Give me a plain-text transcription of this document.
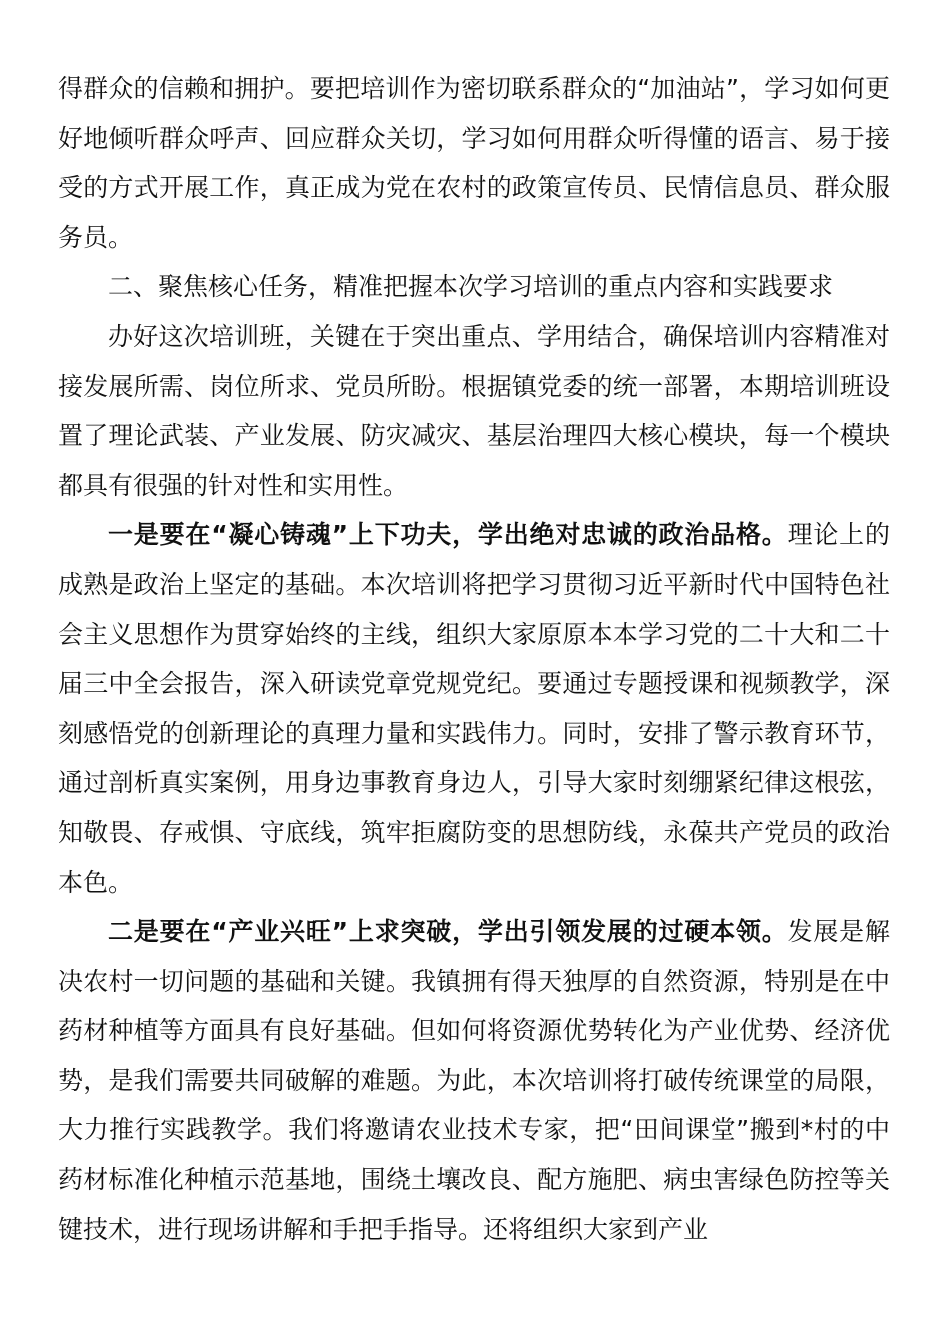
得群众的信赖和拥护。要把培训作为密切联系群众的“加油站”，学习如何更好地倾听群众呼声、回应群众关切，学习如何用群众听得懂的语言、易于接受的方式开展工作，真正成为党在农村的政策宣传员、民情信息员、群众服务员。

二、聚焦核心任务，精准把握本次学习培训的重点内容和实践要求

办好这次培训班，关键在于突出重点、学用结合，确保培训内容精准对接发展所需、岗位所求、党员所盼。根据镇党委的统一部署，本期培训班设置了理论武装、产业发展、防灾减灾、基层治理四大核心模块，每一个模块都具有很强的针对性和实用性。

一是要在“凝心铸魂”上下功夫，学出绝对忠诚的政治品格。理论上的成熟是政治上坚定的基础。本次培训将把学习贯彻习近平新时代中国特色社会主义思想作为贯穿始终的主线，组织大家原原本本学习党的二十大和二十届三中全会报告，深入研读党章党规党纪。要通过专题授课和视频教学，深刻感悟党的创新理论的真理力量和实践伟力。同时，安排了警示教育环节，通过剖析真实案例，用身边事教育身边人，引导大家时刻绷紧纪律这根弦，知敬畏、存戒惧、守底线，筑牢拒腐防变的思想防线，永葆共产党员的政治本色。

二是要在“产业兴旺”上求突破，学出引领发展的过硬本领。发展是解决农村一切问题的基础和关键。我镇拥有得天独厚的自然资源，特别是在中药材种植等方面具有良好基础。但如何将资源优势转化为产业优势、经济优势，是我们需要共同破解的难题。为此，本次培训将打破传统课堂的局限，大力推行实践教学。我们将邀请农业技术专家，把“田间课堂”搬到*村的中药材标准化种植示范基地，围绕土壤改良、配方施肥、病虫害绿色防控等关键技术，进行现场讲解和手把手指导。还将组织大家到产业
